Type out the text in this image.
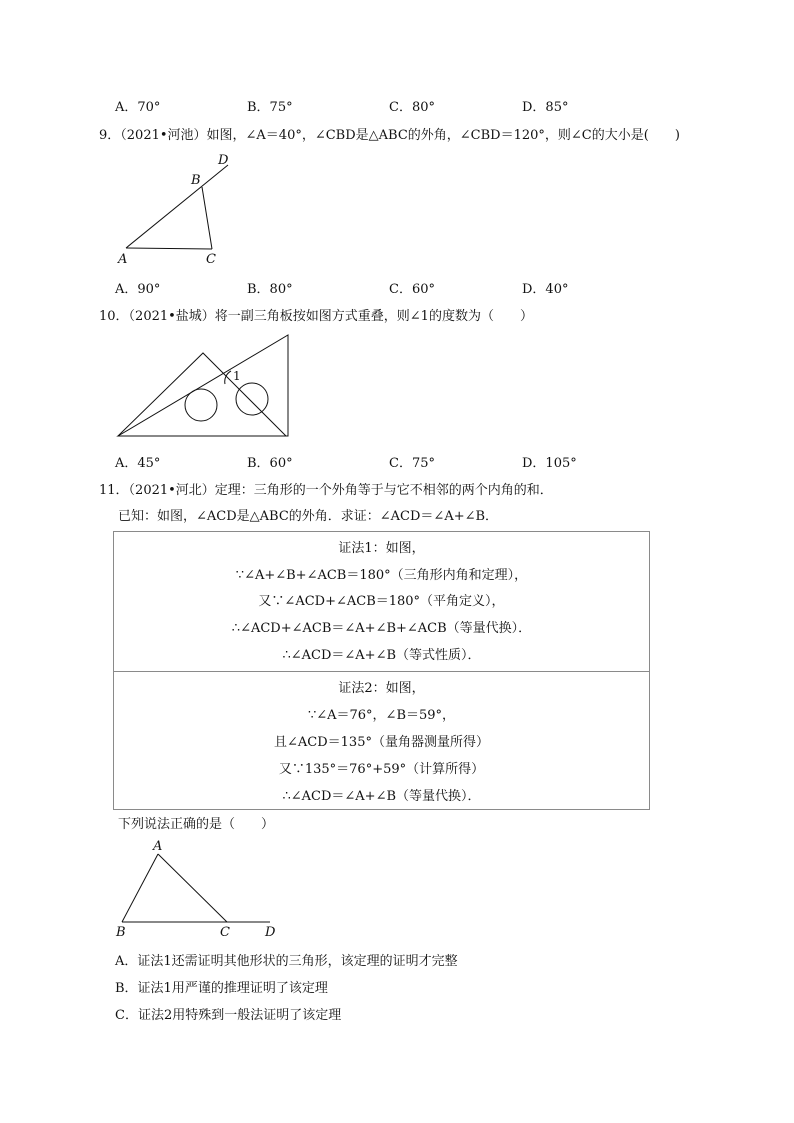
A．70°	B．75°	C．80°	D．85°
9．（2021•河池）如图，∠A＝40°，∠CBD是△ABC的外角，∠CBD＝120°，则∠C的大小是(　　)
A
B
C
D
A．90°	B．80°	C．60°	D．40°
10．（2021•盐城）将一副三角板按如图方式重叠，则∠1的度数为（　　）
1
A．45°	B．60°	C．75°	D．105°
11．（2021•河北）定理：三角形的一个外角等于与它不相邻的两个内角的和．
已知：如图，∠ACD是△ABC的外角．求证：∠ACD＝∠A+∠B．
证法1：如图，
∵∠A+∠B+∠ACB＝180°（三角形内角和定理），
又∵∠ACD+∠ACB＝180°（平角定义），
∴∠ACD+∠ACB＝∠A+∠B+∠ACB（等量代换）．
∴∠ACD＝∠A+∠B（等式性质）．
证法2：如图，
∵∠A＝76°，∠B＝59°，
且∠ACD＝135°（量角器测量所得）
又∵135°＝76°+59°（计算所得）
∴∠ACD＝∠A+∠B（等量代换）．
下列说法正确的是（　　）
A
B	C	D
A．证法1还需证明其他形状的三角形，该定理的证明才完整
B．证法1用严谨的推理证明了该定理
C．证法2用特殊到一般法证明了该定理
